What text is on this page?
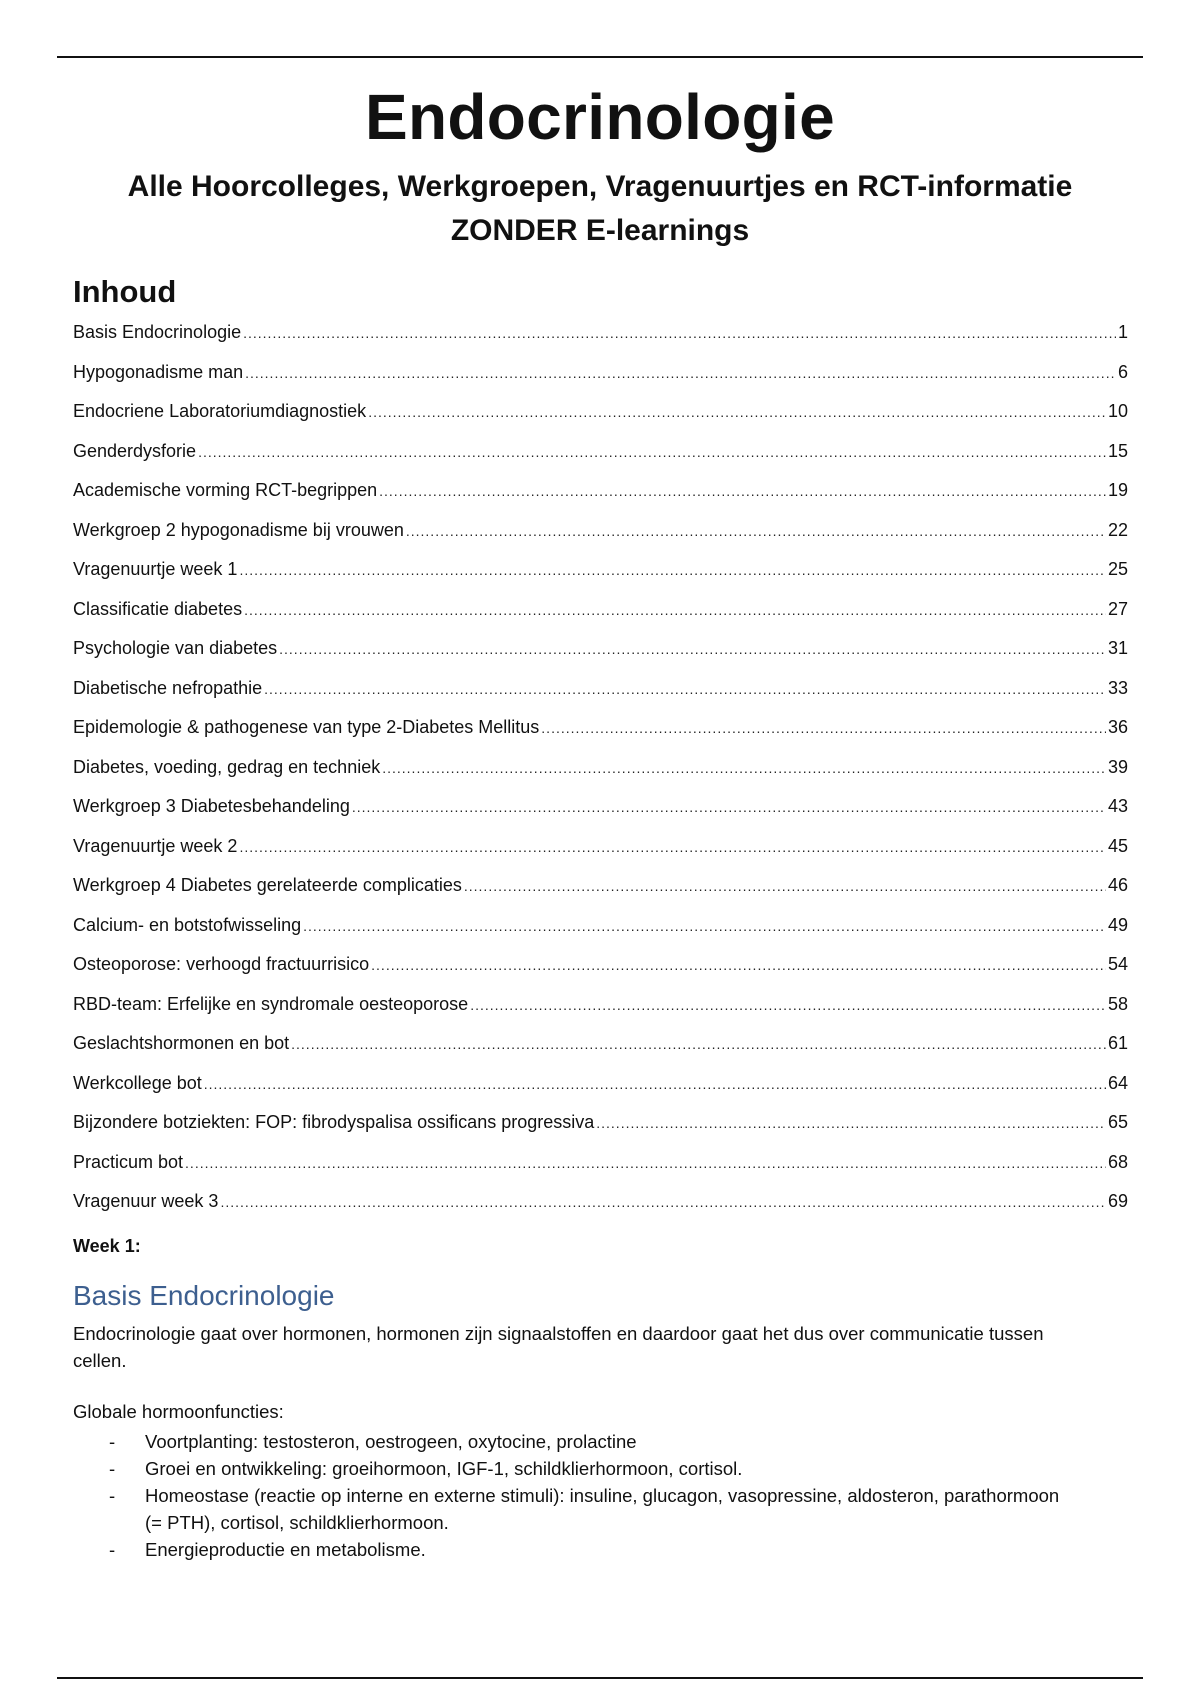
Endocrinologie
Alle Hoorcolleges, Werkgroepen, Vragenuurtjes en RCT-informatie
ZONDER E-learnings
Inhoud
Basis Endocrinologie .....	1
Hypogonadisme man .....	6
Endocriene Laboratoriumdiagnostiek .....	10
Genderdysforie .....	15
Academische vorming RCT-begrippen .....	19
Werkgroep 2 hypogonadisme bij vrouwen .....	22
Vragenuurtje week 1 .....	25
Classificatie diabetes .....	27
Psychologie van diabetes .....	31
Diabetische nefropathie .....	33
Epidemologie & pathogenese van type 2-Diabetes Mellitus .....	36
Diabetes, voeding, gedrag en techniek .....	39
Werkgroep 3 Diabetesbehandeling .....	43
Vragenuurtje week 2 .....	45
Werkgroep 4 Diabetes gerelateerde complicaties .....	46
Calcium- en botstofwisseling .....	49
Osteoporose: verhoogd fractuurrisico .....	54
RBD-team: Erfelijke en syndromale oesteoporose .....	58
Geslachtshormonen en bot .....	61
Werkcollege bot .....	64
Bijzondere botziekten: FOP: fibrodyspalisa ossificans progressiva .....	65
Practicum bot .....	68
Vragenuur week 3 .....	69
Week 1:
Basis Endocrinologie
Endocrinologie gaat over hormonen, hormonen zijn signaalstoffen en daardoor gaat het dus over communicatie tussen cellen.
Globale hormoonfuncties:
- Voortplanting: testosteron, oestrogeen, oxytocine, prolactine
- Groei en ontwikkeling: groeihormoon, IGF-1, schildklierhormoon, cortisol.
- Homeostase (reactie op interne en externe stimuli): insuline, glucagon, vasopressine, aldosteron, parathormoon (= PTH), cortisol, schildklierhormoon.
- Energieproductie en metabolisme.
